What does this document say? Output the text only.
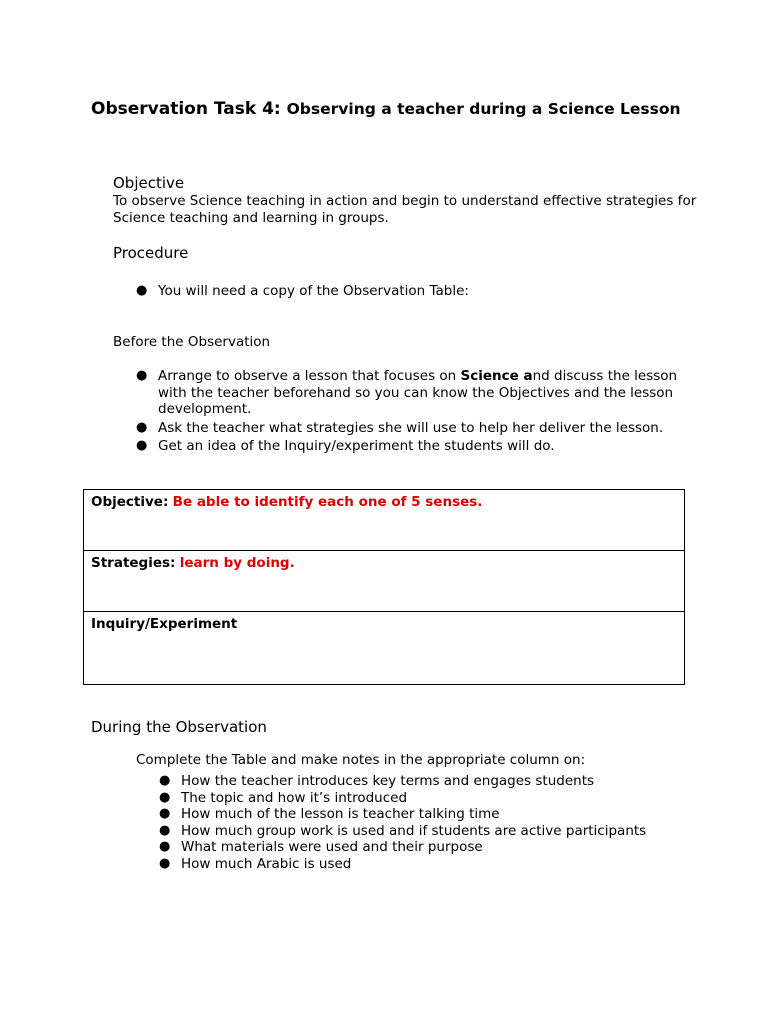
Observation Task 4: Observing a teacher during a Science Lesson
Objective
To observe Science teaching in action and begin to understand effective strategies for Science teaching and learning in groups.
Procedure
● You will need a copy of the Observation Table:
Before the Observation
● Arrange to observe a lesson that focuses on Science and discuss the lesson with the teacher beforehand so you can know the Objectives and the lesson development.
● Ask the teacher what strategies she will use to help her deliver the lesson.
● Get an idea of the Inquiry/experiment the students will do.
Objective: Be able to identify each one of 5 senses.
Strategies: learn by doing.
Inquiry/Experiment
During the Observation
Complete the Table and make notes in the appropriate column on:
● How the teacher introduces key terms and engages students
● The topic and how it’s introduced
● How much of the lesson is teacher talking time
● How much group work is used and if students are active participants
● What materials were used and their purpose
● How much Arabic is used
